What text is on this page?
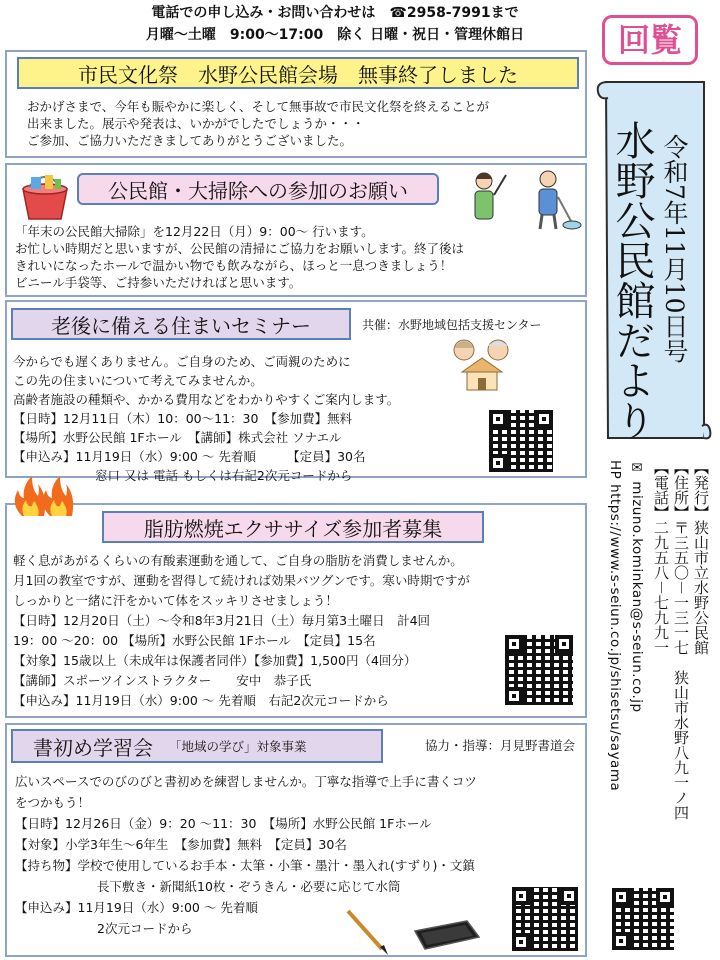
電話での申し込み・お問い合わせは　☎2958-7991まで
月曜～土曜　9:00～17:00　除く 日曜・祝日・管理休館日	回覧
市民文化祭　水野公民館会場　無事終了しました
おかげさまで、今年も賑やかに楽しく、そして無事故で市民文化祭を終えることが
出来ました。展示や発表は、いかがでしたでしょうか・・・
ご参加、ご協力いただきましてありがとうございました。
公民館・大掃除への参加のお願い
「年末の公民館大掃除」を12月22日（月）9：00～ 行います。
お忙しい時期だと思いますが、公民館の清掃にご協力をお願いします。終了後は
きれいになったホールで温かい物でも飲みながら、ほっと一息つきましょう！
ビニール手袋等、ご持参いただければと思います。
老後に備える住まいセミナー	共催：水野地域包括支援センター
今からでも遅くありません。ご自身のため、ご両親のために
この先の住まいについて考えてみませんか。
高齢者施設の種類や、かかる費用などをわかりやすくご案内します。
【日時】12月11日（木）10：00～11：30　【参加費】無料
【場所】水野公民館 1Fホール　【講師】株式会社 ソナエル
【申込み】11月19日（水）9:00 ～ 先着順　　　【定員】30名
窓口 又は 電話 もしくは右記2次元コードから
脂肪燃焼エクササイズ参加者募集
軽く息があがるくらいの有酸素運動を通して、ご自身の脂肪を消費しませんか。
月1回の教室ですが、運動を習得して続ければ効果バツグンです。寒い時期ですが
しっかりと一緒に汗をかいて体をスッキリさせましょう！
【日時】12月20日（土）～令和8年3月21日（土）毎月第3土曜日　計4回
19：00 ～20：00 【場所】水野公民館 1Fホール　【定員】15名
【対象】15歳以上（未成年は保護者同伴）【参加費】1,500円（4回分）
【講師】スポーツインストラクター　　安中　恭子氏
【申込み】11月19日（水）9:00 ～ 先着順　右記2次元コードから
書初め学習会 「地域の学び」対象事業	協力・指導：月見野書道会
広いスペースでのびのびと書初めを練習しませんか。丁寧な指導で上手に書くコツ
をつかもう！
【日時】12月26日（金）9：20 ～11：30　【場所】水野公民館 1Fホール
【対象】小学3年生～6年生　【参加費】無料　【定員】30名
【持ち物】学校で使用しているお手本・太筆・小筆・墨汁・墨入れ(すずり)・文鎮
長下敷き・新聞紙10枚・ぞうきん・必要に応じて水筒
【申込み】11月19日（水）9:00 ～ 先着順
2次元コードから
水野公民館だより 令和7年11月10日号
【発行】狭山市立水野公民館
【住所】〒三五〇－一三一七　狭山市水野八九一ノ四
【電話】二九五八－七九九一
✉ mizuno.kominkan@s-seiun.co.jp
HP https://www.s-seiun.co.jp/shisetsu/sayama
